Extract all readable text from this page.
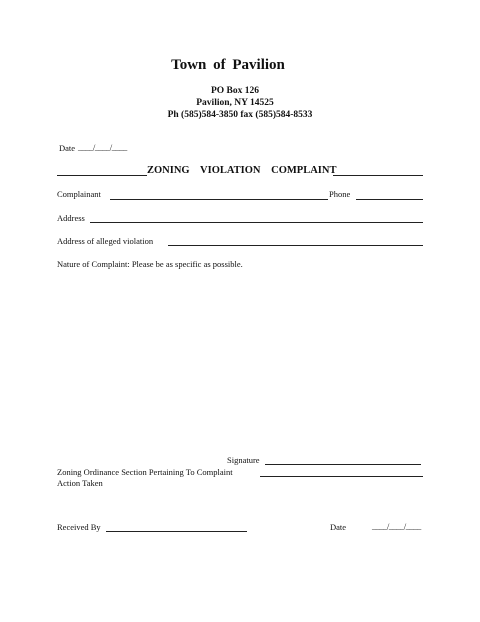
Town of Pavilion
PO Box 126
Pavilion, NY 14525
Ph (585)584-3850 fax (585)584-8533
Date ____/____/____
ZONING VIOLATION COMPLAINT
Complainant	Phone
Address
Address of alleged violation
Nature of Complaint: Please be as specific as possible.
Signature
Zoning Ordinance Section Pertaining To Complaint
Action Taken
Received By	Date	____/____/____
